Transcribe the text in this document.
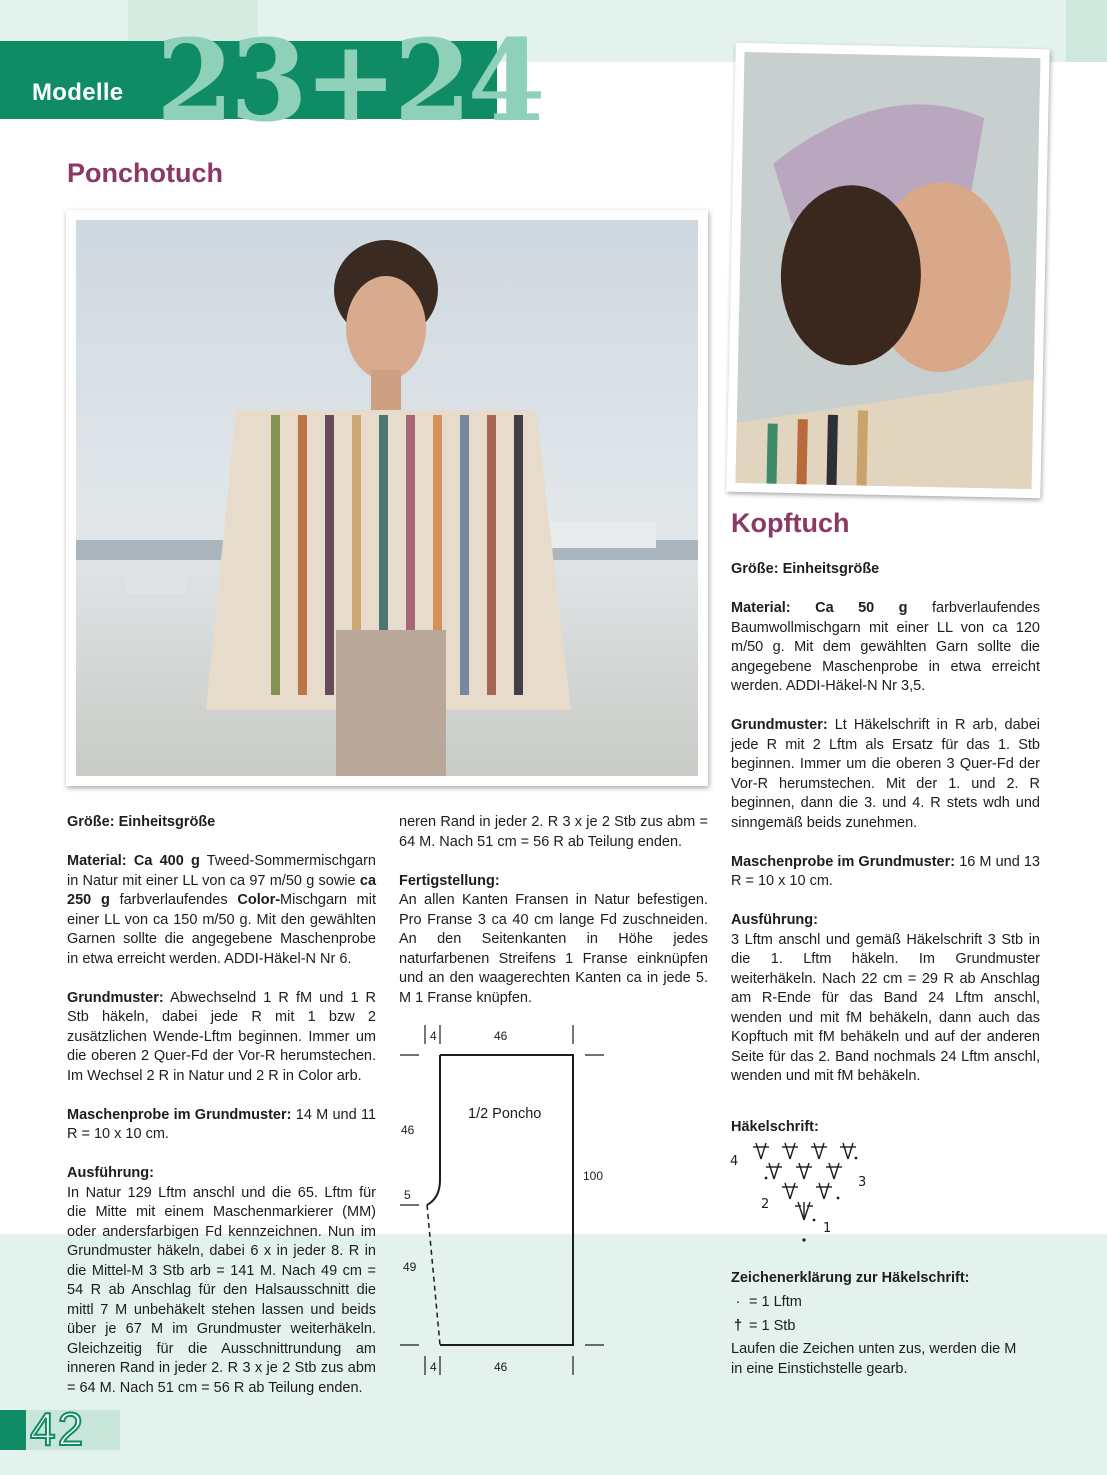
23+24
Modelle
Ponchotuch

Größe: Einheitsgröße

Material: Ca 400 g Tweed-Sommermischgarn in Natur mit einer LL von ca 97 m/50 g sowie ca 250 g farbverlaufendes Color-Mischgarn mit einer LL von ca 150 m/50 g. Mit den gewählten Garnen sollte die angegebene Maschenprobe in etwa erreicht werden. ADDI-Häkel-N Nr 6.

Grundmuster: Abwechselnd 1 R fM und 1 R Stb häkeln, dabei jede R mit 1 bzw 2 zusätzlichen Wende-Lftm beginnen. Immer um die oberen 2 Quer-Fd der Vor-R herumstechen. Im Wechsel 2 R in Natur und 2 R in Color arb.

Maschenprobe im Grundmuster: 14 M und 11 R = 10 x 10 cm.

Ausführung:
In Natur 129 Lftm anschl und die 65. Lftm für die Mitte mit einem Maschenmarkierer (MM) oder andersfarbigen Fd kennzeichnen. Nun im Grundmuster häkeln, dabei 6 x in jeder 8. R in die Mittel-M 3 Stb arb = 141 M. Nach 49 cm = 54 R ab Anschlag für den Halsausschnitt die mittl 7 M unbehäkelt stehen lassen und beids über je 67 M im Grundmuster weiterhäkeln. Gleichzeitig für die Ausschnittrundung am inneren Rand in jeder 2. R 3 x je 2 Stb zus abm = 64 M. Nach 51 cm = 56 R ab Teilung enden.

neren Rand in jeder 2. R 3 x je 2 Stb zus abm = 64 M. Nach 51 cm = 56 R ab Teilung enden.

Fertigstellung:
An allen Kanten Fransen in Natur befestigen. Pro Franse 3 ca 40 cm lange Fd zuschneiden. An den Seitenkanten in Höhe jedes naturfarbenen Streifens 1 Franse einknüpfen und an den waagerechten Kanten ca in jede 5. M 1 Franse knüpfen.

4	46
1/2 Poncho
46
5
100
49
4	46
Kopftuch

Größe: Einheitsgröße

Material: Ca 50 g farbverlaufendes Baumwollmischgarn mit einer LL von ca 120 m/50 g. Mit dem gewählten Garn sollte die angegebene Maschenprobe in etwa erreicht werden. ADDI-Häkel-N Nr 3,5.

Grundmuster: Lt Häkelschrift in R arb, dabei jede R mit 2 Lftm als Ersatz für das 1. Stb beginnen. Immer um die oberen 3 Quer-Fd der Vor-R herumstechen. Mit der 1. und 2. R beginnen, dann die 3. und 4. R stets wdh und sinngemäß beids zunehmen.

Maschenprobe im Grundmuster: 16 M und 13 R = 10 x 10 cm.

Ausführung:
3 Lftm anschl und gemäß Häkelschrift 3 Stb in die 1. Lftm häkeln. Im Grundmuster weiterhäkeln. Nach 22 cm = 29 R ab Anschlag am R-Ende für das Band 24 Lftm anschl, wenden und mit fM behäkeln, dann auch das Kopftuch mit fM behäkeln und auf der anderen Seite für das 2. Band nochmals 24 Lftm anschl, wenden und mit fM behäkeln.

Häkelschrift:
4
3
2
1
Zeichenerklärung zur Häkelschrift:
· = 1 Lftm
† = 1 Stb
Laufen die Zeichen unten zus, werden die M in eine Einstichstelle gearb.
42
